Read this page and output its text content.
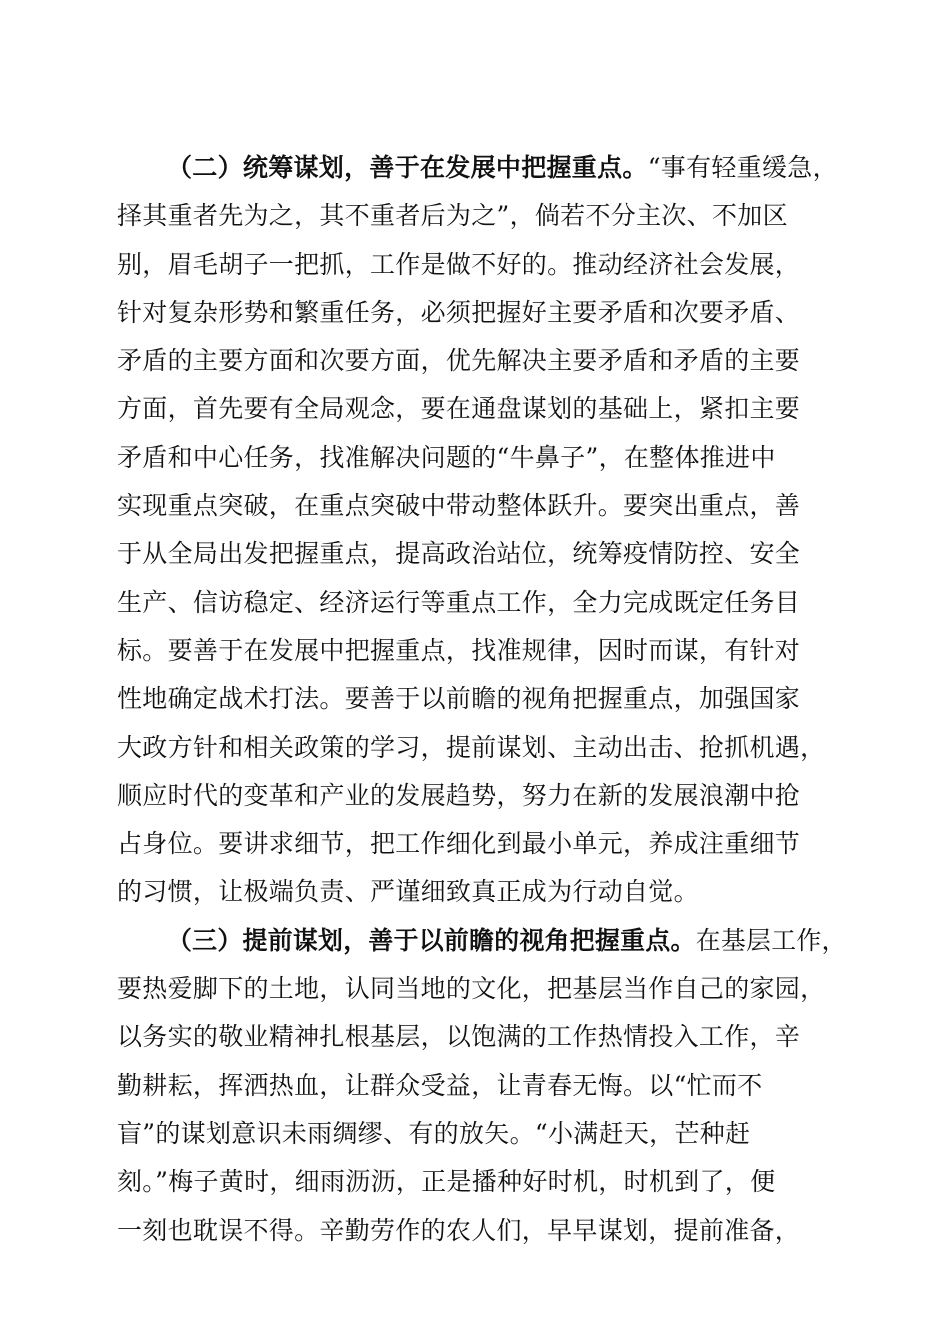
（二）统筹谋划，善于在发展中把握重点。“事有轻重缓急，
择其重者先为之，其不重者后为之”，倘若不分主次、不加区
别，眉毛胡子一把抓，工作是做不好的。推动经济社会发展，
针对复杂形势和繁重任务，必须把握好主要矛盾和次要矛盾、
矛盾的主要方面和次要方面，优先解决主要矛盾和矛盾的主要
方面，首先要有全局观念，要在通盘谋划的基础上，紧扣主要
矛盾和中心任务，找准解决问题的“牛鼻子”，在整体推进中
实现重点突破，在重点突破中带动整体跃升。要突出重点，善
于从全局出发把握重点，提高政治站位，统筹疫情防控、安全
生产、信访稳定、经济运行等重点工作，全力完成既定任务目
标。要善于在发展中把握重点，找准规律，因时而谋，有针对
性地确定战术打法。要善于以前瞻的视角把握重点，加强国家
大政方针和相关政策的学习，提前谋划、主动出击、抢抓机遇，
顺应时代的变革和产业的发展趋势，努力在新的发展浪潮中抢
占身位。要讲求细节，把工作细化到最小单元，养成注重细节
的习惯，让极端负责、严谨细致真正成为行动自觉。
（三）提前谋划，善于以前瞻的视角把握重点。在基层工作，
要热爱脚下的土地，认同当地的文化，把基层当作自己的家园，
以务实的敬业精神扎根基层，以饱满的工作热情投入工作，辛
勤耕耘，挥洒热血，让群众受益，让青春无悔。以“忙而不
盲”的谋划意识未雨绸缪、有的放矢。“小满赶天，芒种赶
刻。”梅子黄时，细雨沥沥，正是播种好时机，时机到了，便
一刻也耽误不得。辛勤劳作的农人们，早早谋划，提前准备，
